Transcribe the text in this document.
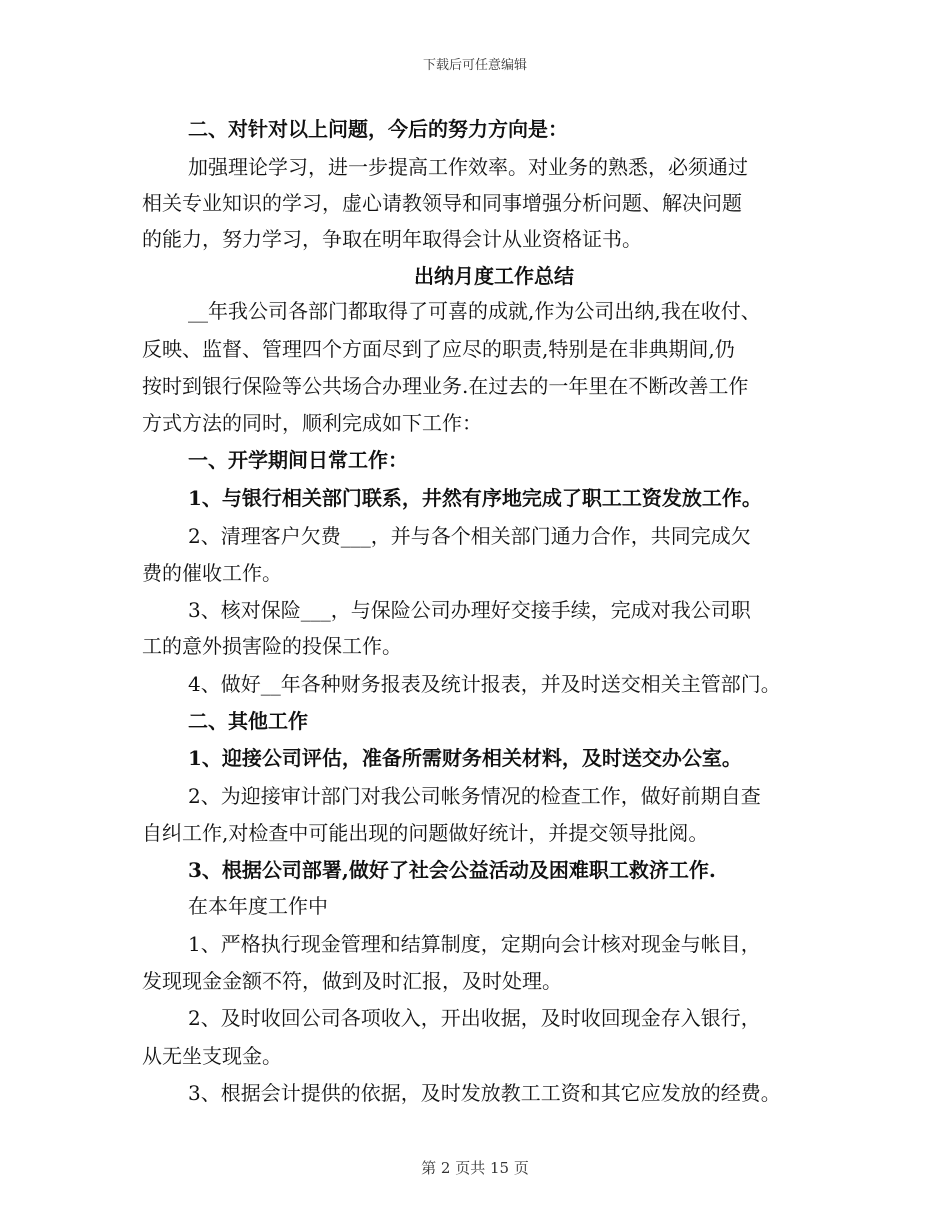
下载后可任意编辑
二、对针对以上问题，今后的努力方向是：
加强理论学习，进一步提高工作效率。对业务的熟悉，必须通过
相关专业知识的学习，虚心请教领导和同事增强分析问题、解决问题
的能力，努力学习，争取在明年取得会计从业资格证书。
出纳月度工作总结
__年我公司各部门都取得了可喜的成就,作为公司出纳,我在收付、
反映、监督、管理四个方面尽到了应尽的职责,特别是在非典期间,仍
按时到银行保险等公共场合办理业务.在过去的一年里在不断改善工作
方式方法的同时，顺利完成如下工作：
一、开学期间日常工作：
1、与银行相关部门联系，井然有序地完成了职工工资发放工作。
2、清理客户欠费___，并与各个相关部门通力合作，共同完成欠
费的催收工作。
3、核对保险___，与保险公司办理好交接手续，完成对我公司职
工的意外损害险的投保工作。
4、做好__年各种财务报表及统计报表，并及时送交相关主管部门。
二、其他工作
1、迎接公司评估，准备所需财务相关材料，及时送交办公室。
2、为迎接审计部门对我公司帐务情况的检查工作，做好前期自查
自纠工作,对检查中可能出现的问题做好统计，并提交领导批阅。
3、根据公司部署,做好了社会公益活动及困难职工救济工作.
在本年度工作中
1、严格执行现金管理和结算制度，定期向会计核对现金与帐目，
发现现金金额不符，做到及时汇报，及时处理。
2、及时收回公司各项收入，开出收据，及时收回现金存入银行，
从无坐支现金。
3、根据会计提供的依据，及时发放教工工资和其它应发放的经费。
第 2 页共 15 页
